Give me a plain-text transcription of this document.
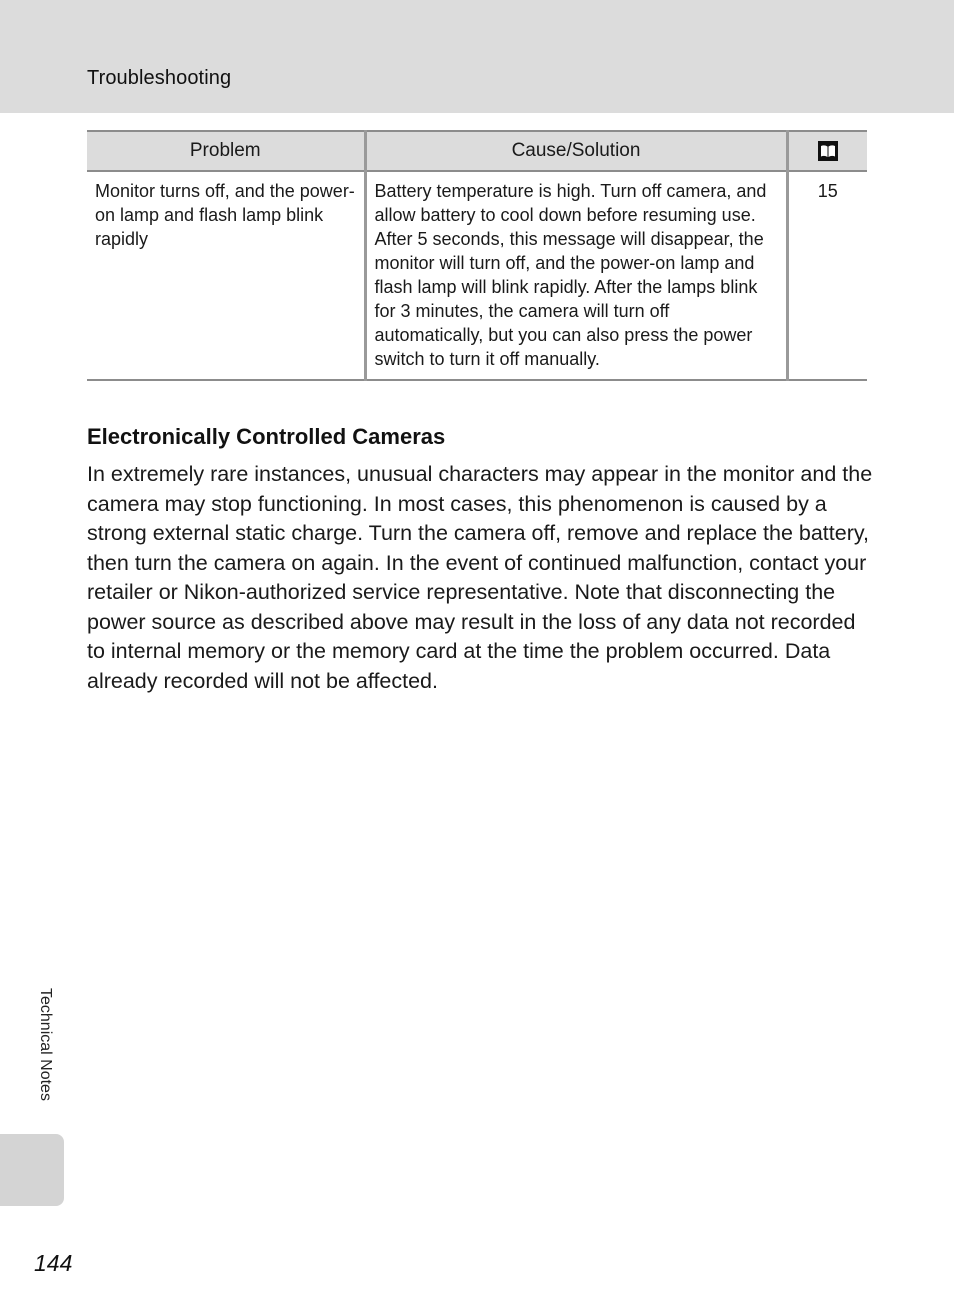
Troubleshooting
Problem	Cause/Solution	
Monitor turns off, and the power-on lamp and flash lamp blink rapidly	Battery temperature is high. Turn off camera, and allow battery to cool down before resuming use. After 5 seconds, this message will disappear, the monitor will turn off, and the power-on lamp and flash lamp will blink rapidly. After the lamps blink for 3 minutes, the camera will turn off automatically, but you can also press the power switch to turn it off manually.	15
Electronically Controlled Cameras

In extremely rare instances, unusual characters may appear in the monitor and the camera may stop functioning. In most cases, this phenomenon is caused by a strong external static charge. Turn the camera off, remove and replace the battery, then turn the camera on again. In the event of continued malfunction, contact your retailer or Nikon-authorized service representative. Note that disconnecting the power source as described above may result in the loss of any data not recorded to internal memory or the memory card at the time the problem occurred. Data already recorded will not be affected.

Technical Notes
144
